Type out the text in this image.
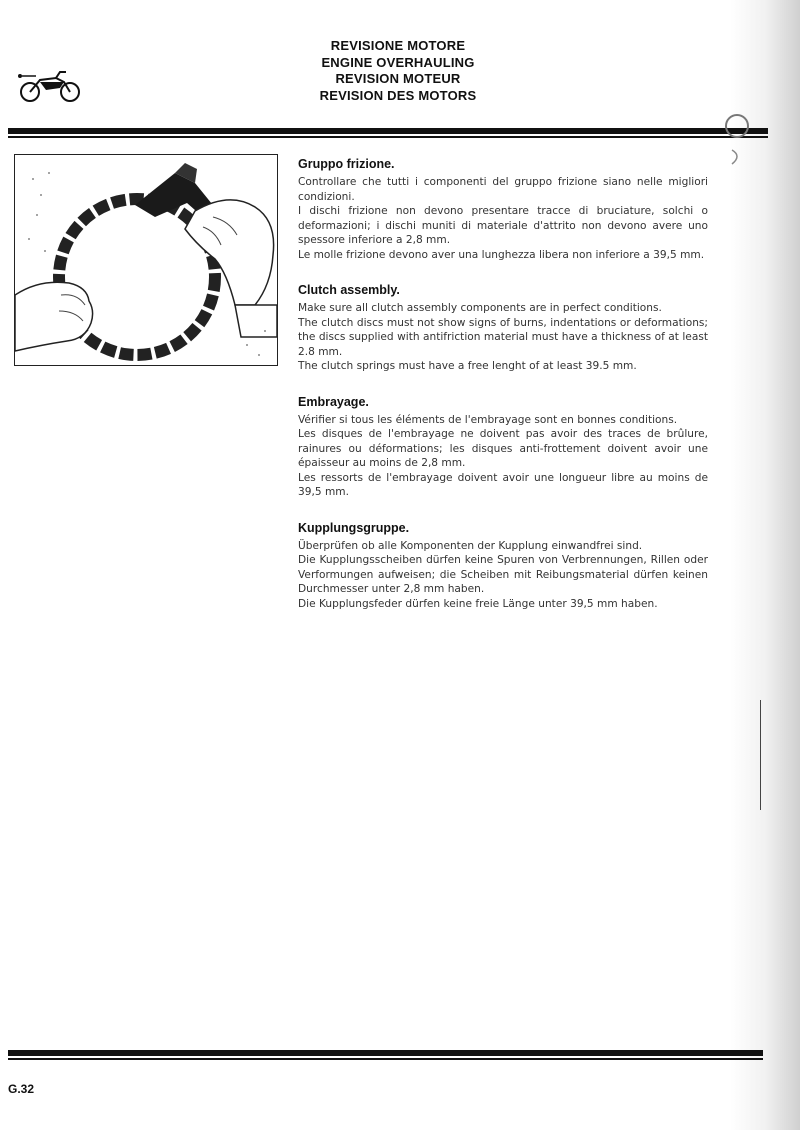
REVISIONE MOTORE
ENGINE OVERHAULING
REVISION MOTEUR
REVISION DES MOTORS
Gruppo frizione.

Controllare che tutti i componenti del gruppo frizione siano nelle migliori condizioni.

I dischi frizione non devono presentare tracce di bruciature, solchi o deformazioni; i dischi muniti di materiale d'attrito non devono avere uno spessore inferiore a 2,8 mm.

Le molle frizione devono aver una lunghezza libera non inferiore a 39,5 mm.

Clutch assembly.

Make sure all clutch assembly components are in perfect conditions.

The clutch discs must not show signs of burns, indentations or deformations; the discs supplied with antifriction material must have a thickness of at least 2.8 mm.

The clutch springs must have a free lenght of at least 39.5 mm.

Embrayage.

Vérifier si tous les éléments de l'embrayage sont en bonnes conditions.

Les disques de l'embrayage ne doivent pas avoir des traces de brûlure, rainures ou déformations; les disques anti-frottement doivent avoir une épaisseur au moins de 2,8 mm.

Les ressorts de l'embrayage doivent avoir une longueur libre au moins de 39,5 mm.

Kupplungsgruppe.

Überprüfen ob alle Komponenten der Kupplung einwandfrei sind.

Die Kupplungsscheiben dürfen keine Spuren von Verbrennungen, Rillen oder Verformungen aufweisen; die Scheiben mit Reibungsmaterial dürfen keinen Durchmesser unter 2,8 mm haben.

Die Kupplungsfeder dürfen keine freie Länge unter 39,5 mm haben.

G.32
